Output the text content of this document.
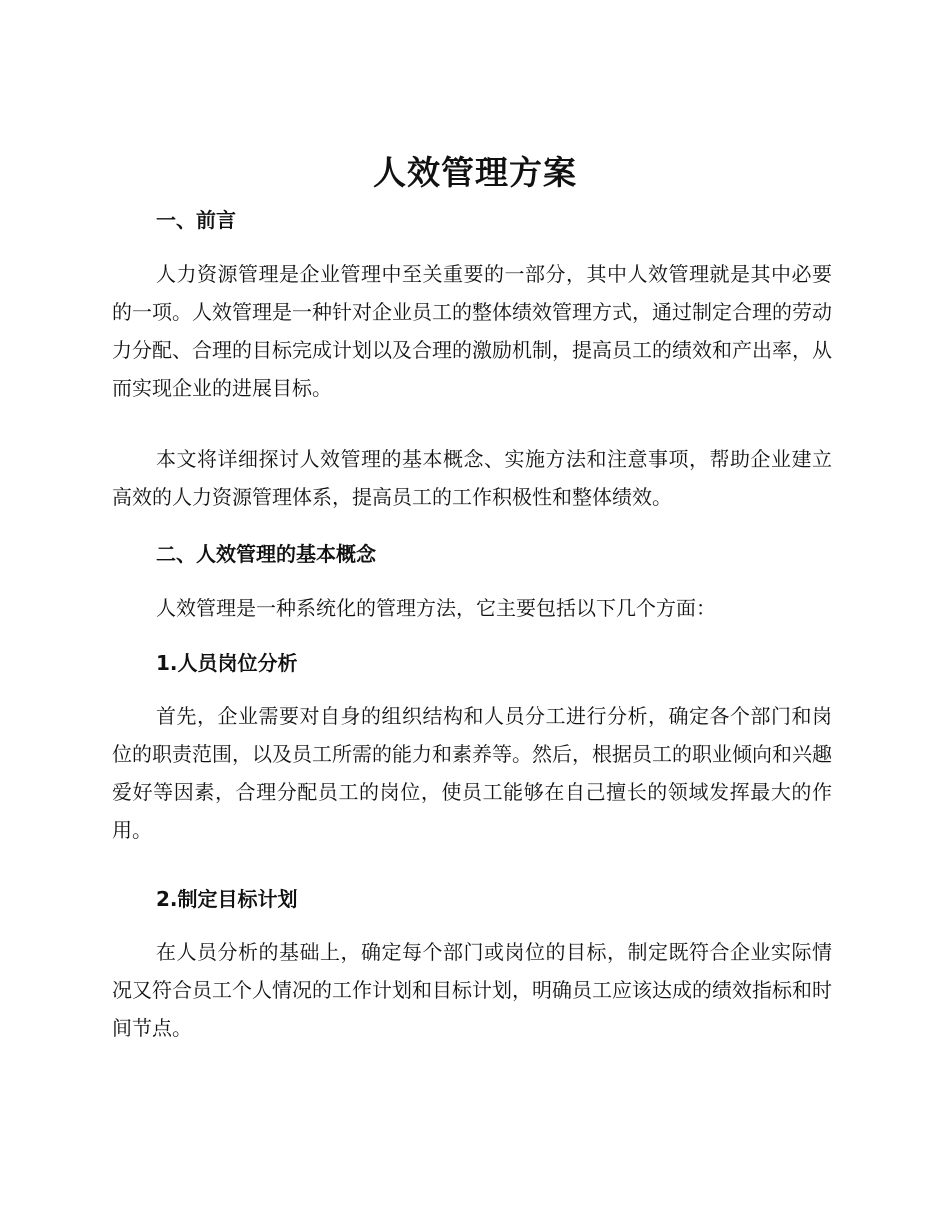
人效管理方案
一、前言

人力资源管理是企业管理中至关重要的一部分，其中人效管理就是其中必要的一项。人效管理是一种针对企业员工的整体绩效管理方式，通过制定合理的劳动力分配、合理的目标完成计划以及合理的激励机制，提高员工的绩效和产出率，从而实现企业的进展目标。

本文将详细探讨人效管理的基本概念、实施方法和注意事项，帮助企业建立高效的人力资源管理体系，提高员工的工作积极性和整体绩效。

二、人效管理的基本概念

人效管理是一种系统化的管理方法，它主要包括以下几个方面：

1.人员岗位分析

首先，企业需要对自身的组织结构和人员分工进行分析，确定各个部门和岗位的职责范围，以及员工所需的能力和素养等。然后，根据员工的职业倾向和兴趣爱好等因素，合理分配员工的岗位，使员工能够在自己擅长的领域发挥最大的作用。

2.制定目标计划

在人员分析的基础上，确定每个部门或岗位的目标，制定既符合企业实际情况又符合员工个人情况的工作计划和目标计划，明确员工应该达成的绩效指标和时间节点。
